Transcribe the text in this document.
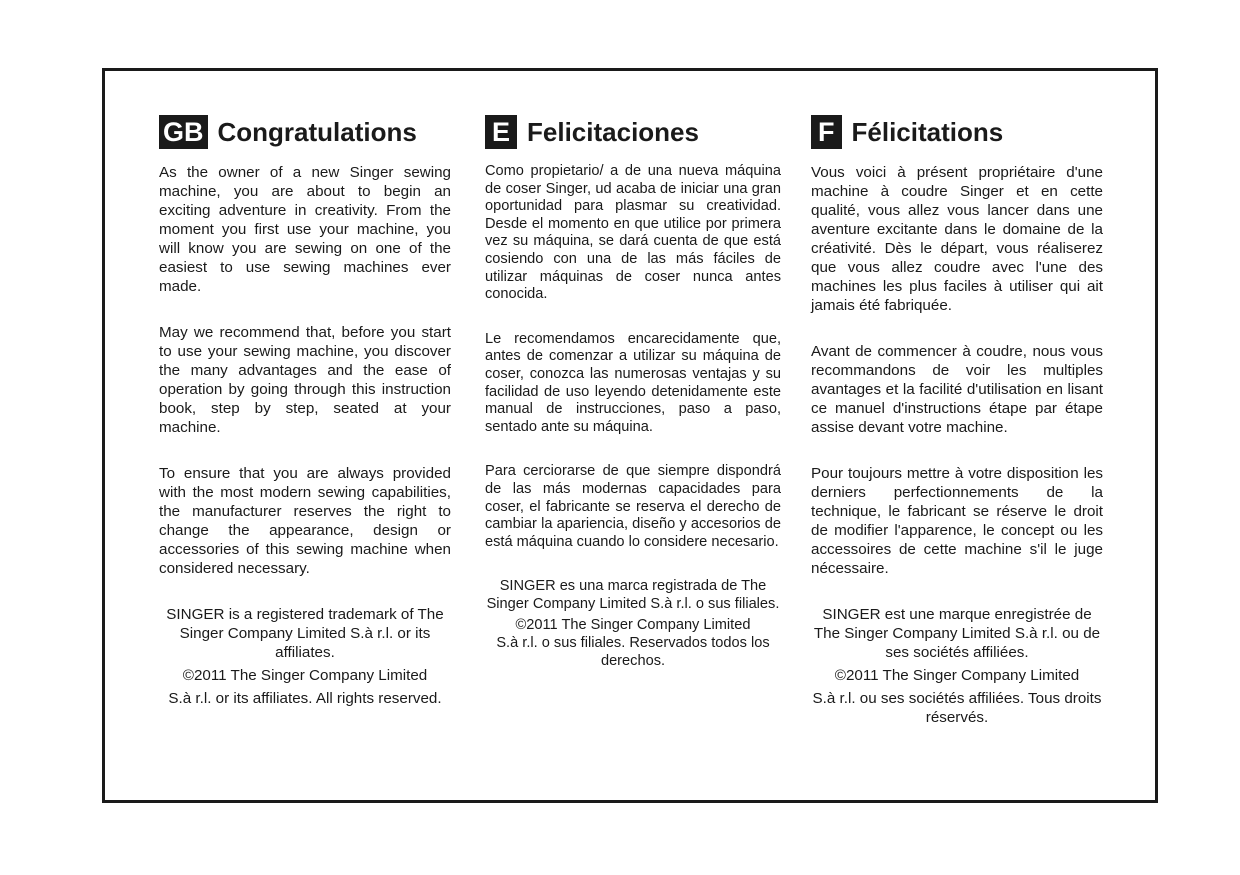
GB Congratulations

As the owner of a new Singer sewing machine, you are about to begin an exciting adventure in creativity. From the moment you first use your machine, you will know you are sewing on one of the easiest to use sewing machines ever made.

May we recommend that, before you start to use your sewing machine, you discover the many advantages and the ease of operation by going through this instruction book, step by step, seated at your machine.

To ensure that you are always provided with the most modern sewing capabilities, the manufacturer reserves the right to change the appearance, design or accessories of this sewing machine when considered necessary.

SINGER is a registered trademark of The Singer Company Limited S.à r.l. or its affiliates.

©2011 The Singer Company Limited

S.à r.l. or its affiliates. All rights reserved.

E Felicitaciones

Como propietario/ a de una nueva máquina de coser Singer, ud acaba de iniciar una gran oportunidad para plasmar su creatividad. Desde el momento en que utilice por primera vez su máquina, se dará cuenta de que está cosiendo con una de las más fáciles de utilizar máquinas de coser nunca antes conocida.

Le recomendamos encarecidamente que, antes de comenzar a utilizar su máquina de coser, conozca las numerosas ventajas y su facilidad de uso leyendo detenidamente este manual de instrucciones, paso a paso, sentado ante su máquina.

Para cerciorarse de que siempre dispondrá de las más modernas capacidades para coser, el fabricante se reserva el derecho de cambiar la apariencia, diseño y accesorios de está máquina cuando lo considere necesario.

SINGER es una marca registrada de The Singer Company Limited S.à r.l. o sus filiales.

©2011 The Singer Company Limited

S.à r.l. o sus filiales. Reservados todos los derechos.

F Félicitations

Vous voici à présent propriétaire d'une machine à coudre Singer et en cette qualité, vous allez vous lancer dans une aventure excitante dans le domaine de la créativité. Dès le départ, vous réaliserez que vous allez coudre avec l'une des machines les plus faciles à utiliser qui ait jamais été fabriquée.

Avant de commencer à coudre, nous vous recommandons de voir les multiples avantages et la facilité d'utilisation en lisant ce manuel d'instructions étape par étape assise devant votre machine.

Pour toujours mettre à votre disposition les derniers perfectionnements de la technique, le fabricant se réserve le droit de modifier l'apparence, le concept ou les accessoires de cette machine s'il le juge nécessaire.

SINGER est une marque enregistrée de The Singer Company Limited S.à r.l. ou de ses sociétés affiliées.

©2011 The Singer Company Limited

S.à r.l. ou ses sociétés affiliées. Tous droits réservés.
